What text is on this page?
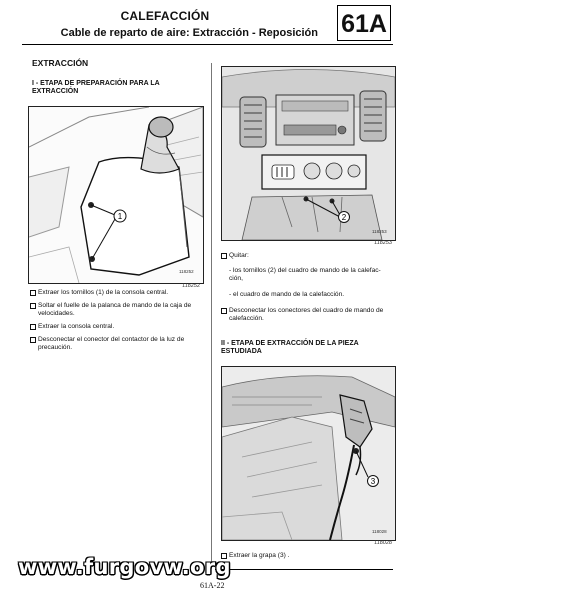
CALEFACCIÓN
Cable de reparto de aire: Extracción - Reposición 61A
EXTRACCIÓN
I - ETAPA DE PREPARACIÓN PARA LA EXTRACCIÓN
1
118252
118252
Extraer los tornillos (1) de la consola central.
Soltar el fuelle de la palanca de mando de la caja de velocidades.
Extraer la consola central.
Desconectar el conector del contactor de la luz de precaución.
2
118253
118253
Quitar:
- los tornillos (2) del cuadro de mando de la calefac- ción,
- el cuadro de mando de la calefacción.
Desconectar los conectores del cuadro de mando de calefacción.
II - ETAPA DE EXTRACCIÓN DE LA PIEZA ESTUDIADA
3
118028
118028
Extraer la grapa (3) .
www.furgovw.org
61A-22
